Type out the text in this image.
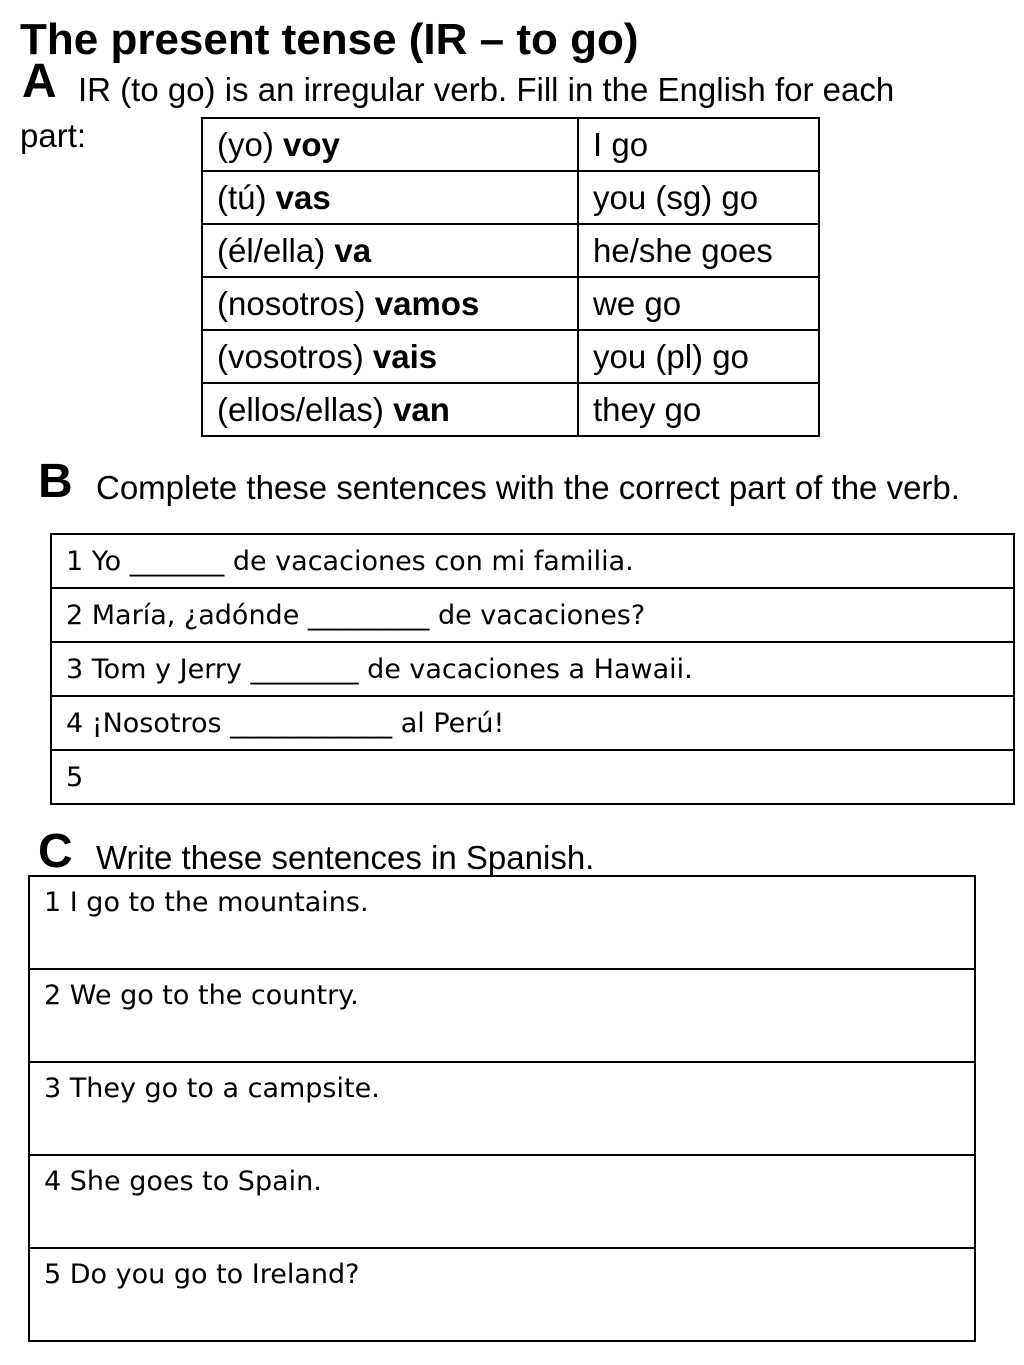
The present tense (IR – to go)
A IR (to go) is an irregular verb. Fill in the English for each
part:	(yo) voy	I go
(tú) vas	you (sg) go
(él/ella) va	he/she goes
(nosotros) vamos	we go
(vosotros) vais	you (pl) go
(ellos/ellas) van	they go
B Complete these sentences with the correct part of the verb.
1 Yo _______ de vacaciones con mi familia.
2 María, ¿adónde _________ de vacaciones?
3 Tom y Jerry ________ de vacaciones a Hawaii.
4 ¡Nosotros ____________ al Perú!
5
C Write these sentences in Spanish.
1 I go to the mountains.
2 We go to the country.
3 They go to a campsite.
4 She goes to Spain.
5 Do you go to Ireland?
